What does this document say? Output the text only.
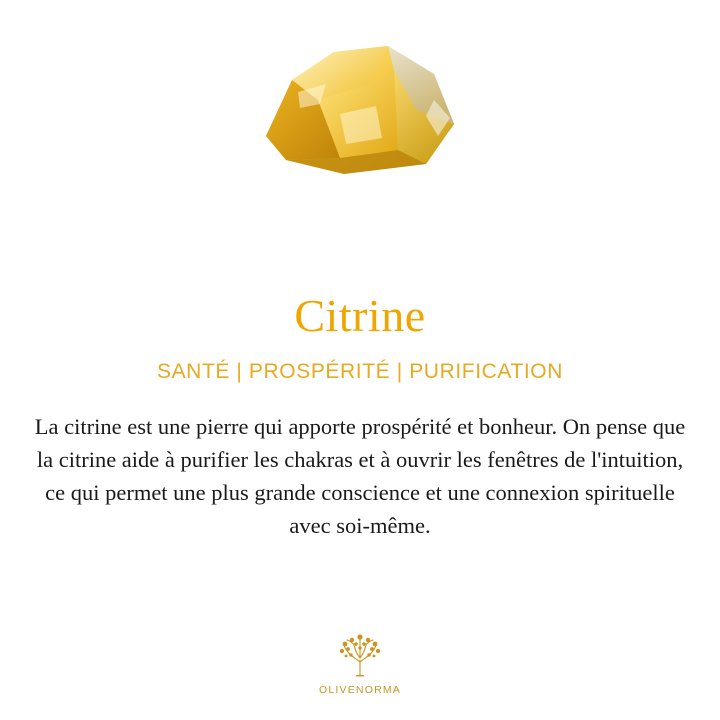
Citrine
SANTÉ | PROSPÉRITÉ | PURIFICATION

La citrine est une pierre qui apporte prospérité et bonheur. On pense que la citrine aide à purifier les chakras et à ouvrir les fenêtres de l'intuition, ce qui permet une plus grande conscience et une connexion spirituelle avec soi-même.

OLIVENORMA
